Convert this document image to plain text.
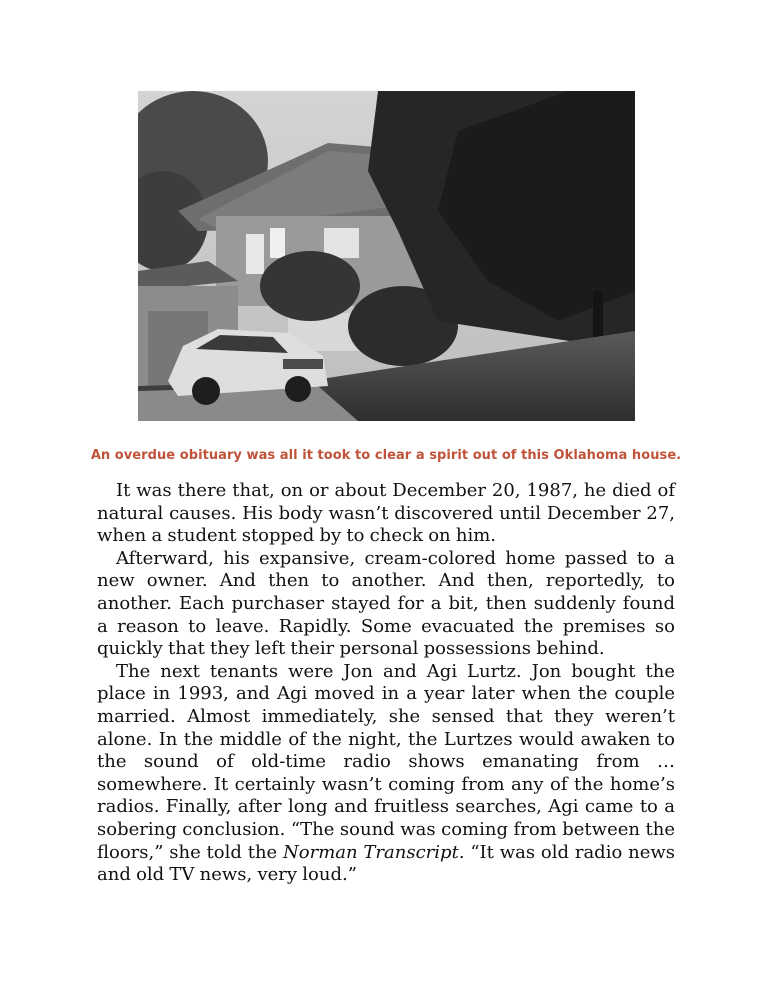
An overdue obituary was all it took to clear a spirit out of this Oklahoma house.

It was there that, on or about December 20, 1987, he died of natural causes. His body wasn’t discovered until December 27, when a student stopped by to check on him.

Afterward, his expansive, cream-colored home passed to a new owner. And then to another. And then, reportedly, to another. Each purchaser stayed for a bit, then suddenly found a reason to leave. Rapidly. Some evacuated the premises so quickly that they left their personal possessions behind.

The next tenants were Jon and Agi Lurtz. Jon bought the place in 1993, and Agi moved in a year later when the couple married. Almost immediately, she sensed that they weren’t alone. In the middle of the night, the Lurtzes would awaken to the sound of old-time radio shows emanating from … somewhere. It certainly wasn’t coming from any of the home’s radios. Finally, after long and fruitless searches, Agi came to a sobering conclusion. “The sound was coming from between the floors,” she told the Norman Transcript. “It was old radio news and old TV news, very loud.”
